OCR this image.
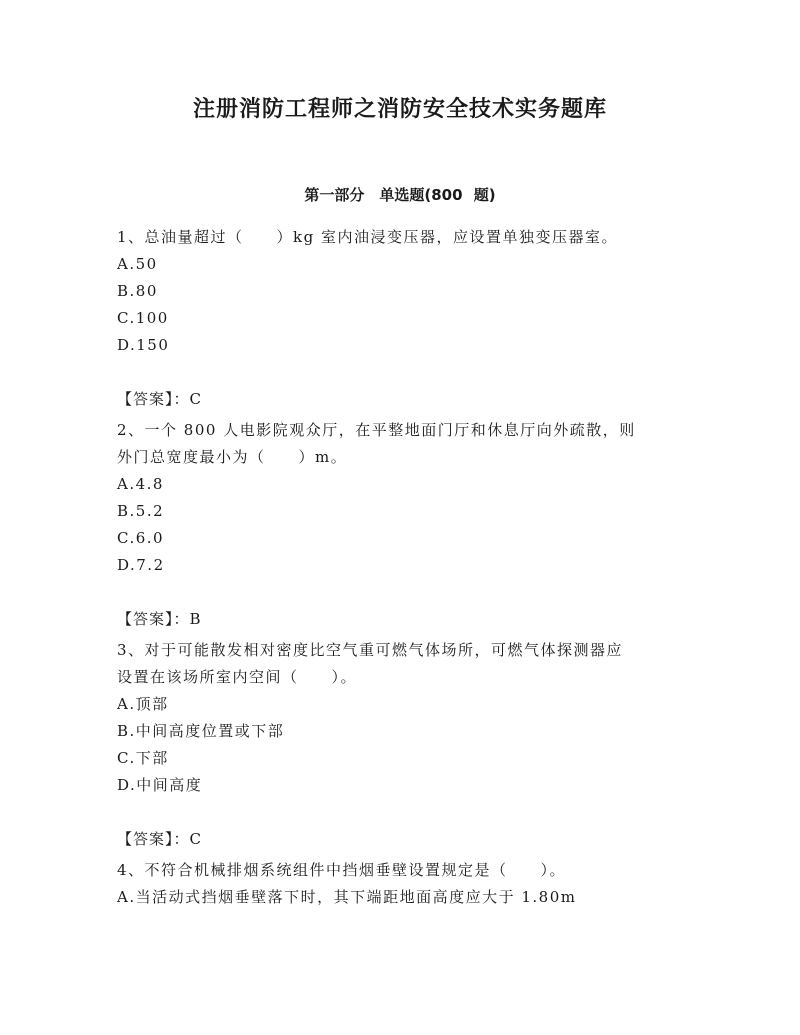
注册消防工程师之消防安全技术实务题库
第一部分　单选题(800 题)
1、总油量超过（　　）kg 室内油浸变压器，应设置单独变压器室。
A.50
B.80
C.100
D.150
【答案】：C
2、一个 800 人电影院观众厅，在平整地面门厅和休息厅向外疏散，则
外门总宽度最小为（　　）m。
A.4.8
B.5.2
C.6.0
D.7.2
【答案】：B
3、对于可能散发相对密度比空气重可燃气体场所，可燃气体探测器应
设置在该场所室内空间（　　）。
A.顶部
B.中间高度位置或下部
C.下部
D.中间高度
【答案】：C
4、不符合机械排烟系统组件中挡烟垂壁设置规定是（　　）。
A.当活动式挡烟垂壁落下时，其下端距地面高度应大于 1.80m
